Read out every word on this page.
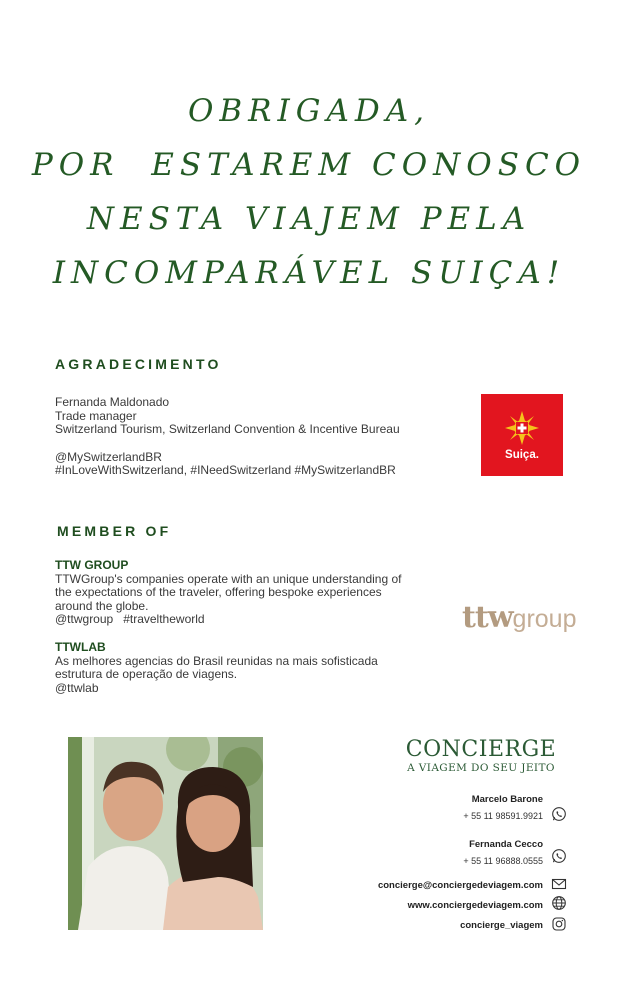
OBRIGADA,
POR  ESTAREM CONOSCO
NESTA VIAJEM PELA
INCOMPARÁVEL SUIÇA!
AGRADECIMENTO
Fernanda Maldonado
Trade manager
Switzerland Tourism, Switzerland Convention & Incentive Bureau
@MySwitzerlandBR
#InLoveWithSwitzerland, #INeedSwitzerland #MySwitzerlandBR
Suiça.
MEMBER OF
TTW GROUP
TTWGroup's companies operate with an unique understanding of
the expectations of the traveler, offering bespoke experiences
around the globe.
@ttwgroup   #traveltheworld
TTWLAB
As melhores agencias do Brasil reunidas na mais sofisticada
estrutura de operação de viagens.
@ttwlab
ttwgroup
CONCIERGE
A VIAGEM DO SEU JEITO
Marcelo Barone
+ 55 11 98591.9921
Fernanda Cecco
+ 55 11 96888.0555
concierge@conciergedeviagem.com
www.conciergedeviagem.com
concierge_viagem
